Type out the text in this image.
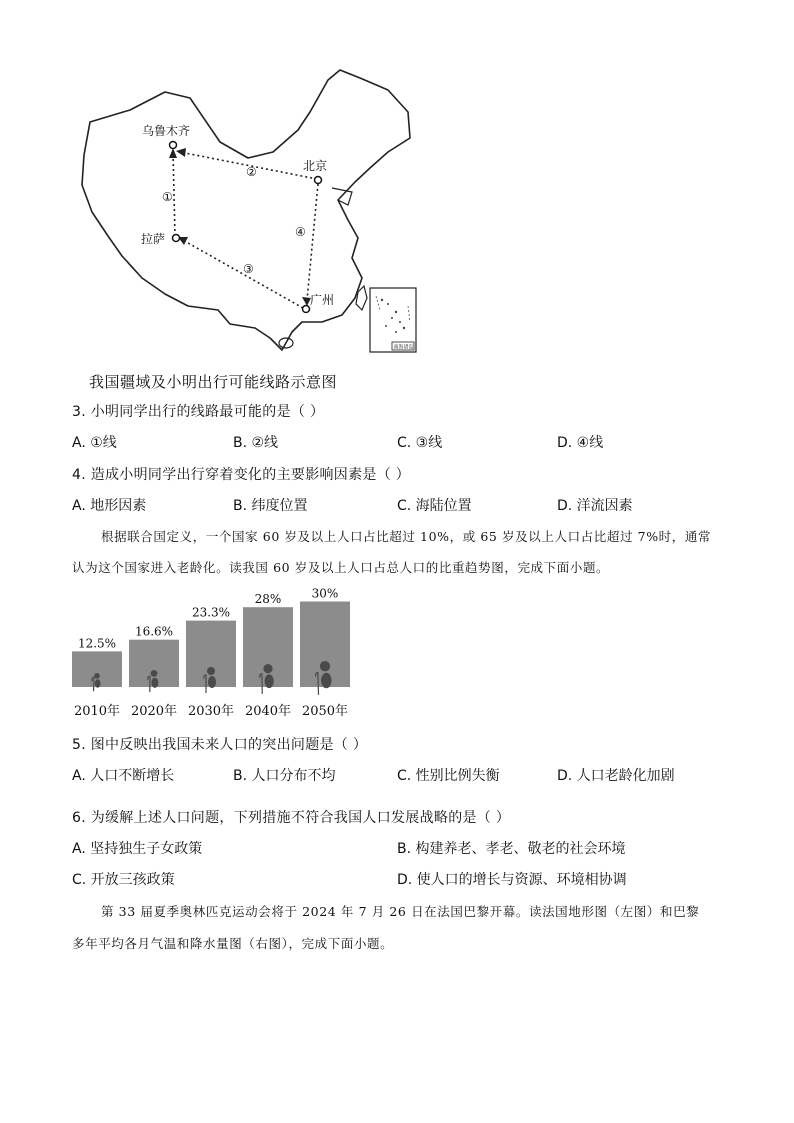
乌鲁木齐
北京
拉萨
广州
①
②
③
④
南海诸岛
我国疆域及小明出行可能线路示意图
3. 小明同学出行的线路最可能的是（ ）
A. ①线	B. ②线	C. ③线	D. ④线
4. 造成小明同学出行穿着变化的主要影响因素是（ ）
A. 地形因素	B. 纬度位置	C. 海陆位置	D. 洋流因素
根据联合国定义，一个国家 60 岁及以上人口占比超过 10%，或 65 岁及以上人口占比超过 7%时，通常
认为这个国家进入老龄化。读我国 60 岁及以上人口占总人口的比重趋势图，完成下面小题。
12.5%
2010年
16.6%
2020年
23.3%
2030年
28%
2040年
30%
2050年
5. 图中反映出我国未来人口的突出问题是（ ）
A. 人口不断增长	B. 人口分布不均	C. 性别比例失衡	D. 人口老龄化加剧
6. 为缓解上述人口问题，下列措施不符合我国人口发展战略的是（ ）
A. 坚持独生子女政策	B. 构建养老、孝老、敬老的社会环境
C. 开放三孩政策	D. 使人口的增长与资源、环境相协调
第 33 届夏季奥林匹克运动会将于 2024 年 7 月 26 日在法国巴黎开幕。读法国地形图（左图）和巴黎
多年平均各月气温和降水量图（右图），完成下面小题。
